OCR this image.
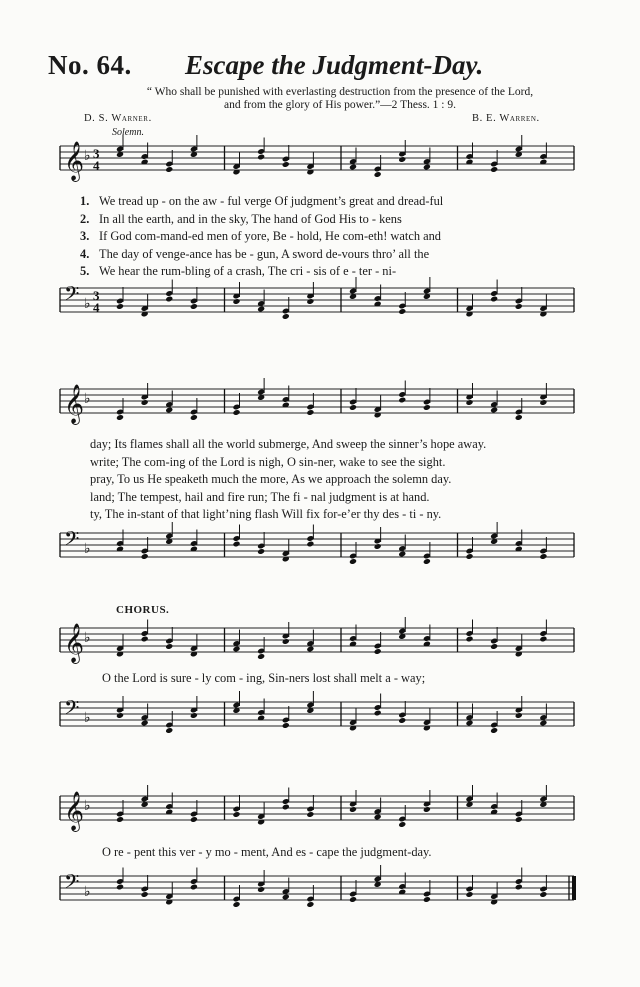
No. 64. Escape the Judgment-Day.
“ Who shall be punished with everlasting destruction from the presence of the Lord,
and from the glory of His power.”—2 Thess. 1 : 9.
D. S. Warner.	B. E. Warren.
Solemn.
𝄞 ♭ 3
4
1. We tread up - on the aw - ful verge Of judgment’s great and dread-ful
2. In all the earth, and in the sky, The hand of God His to - kens
3. If God com-mand-ed men of yore, Be - hold, He com-eth! watch and
4. The day of venge-ance has be - gun, A sword de-vours thro’ all the
5. We hear the rum-bling of a crash, The cri - sis of e - ter - ni-
𝄢 ♭
3
4
𝄞 ♭
day; Its flames shall all the world submerge, And sweep the sinner’s hope away.
write; The com-ing of the Lord is nigh, O sin-ner, wake to see the sight.
pray, To us He speaketh much the more, As we approach the solemn day.
land; The tempest, hail and fire run; The fi - nal judgment is at hand.
ty, The in-stant of that light’ning flash Will fix for-e’er thy des - ti - ny.
𝄢 ♭
CHORUS.
𝄞 ♭
O the Lord is sure - ly com - ing, Sin-ners lost shall melt a - way;
𝄢 ♭
𝄞 ♭
O re - pent this ver - y mo - ment, And es - cape the judgment-day.
𝄢 ♭
